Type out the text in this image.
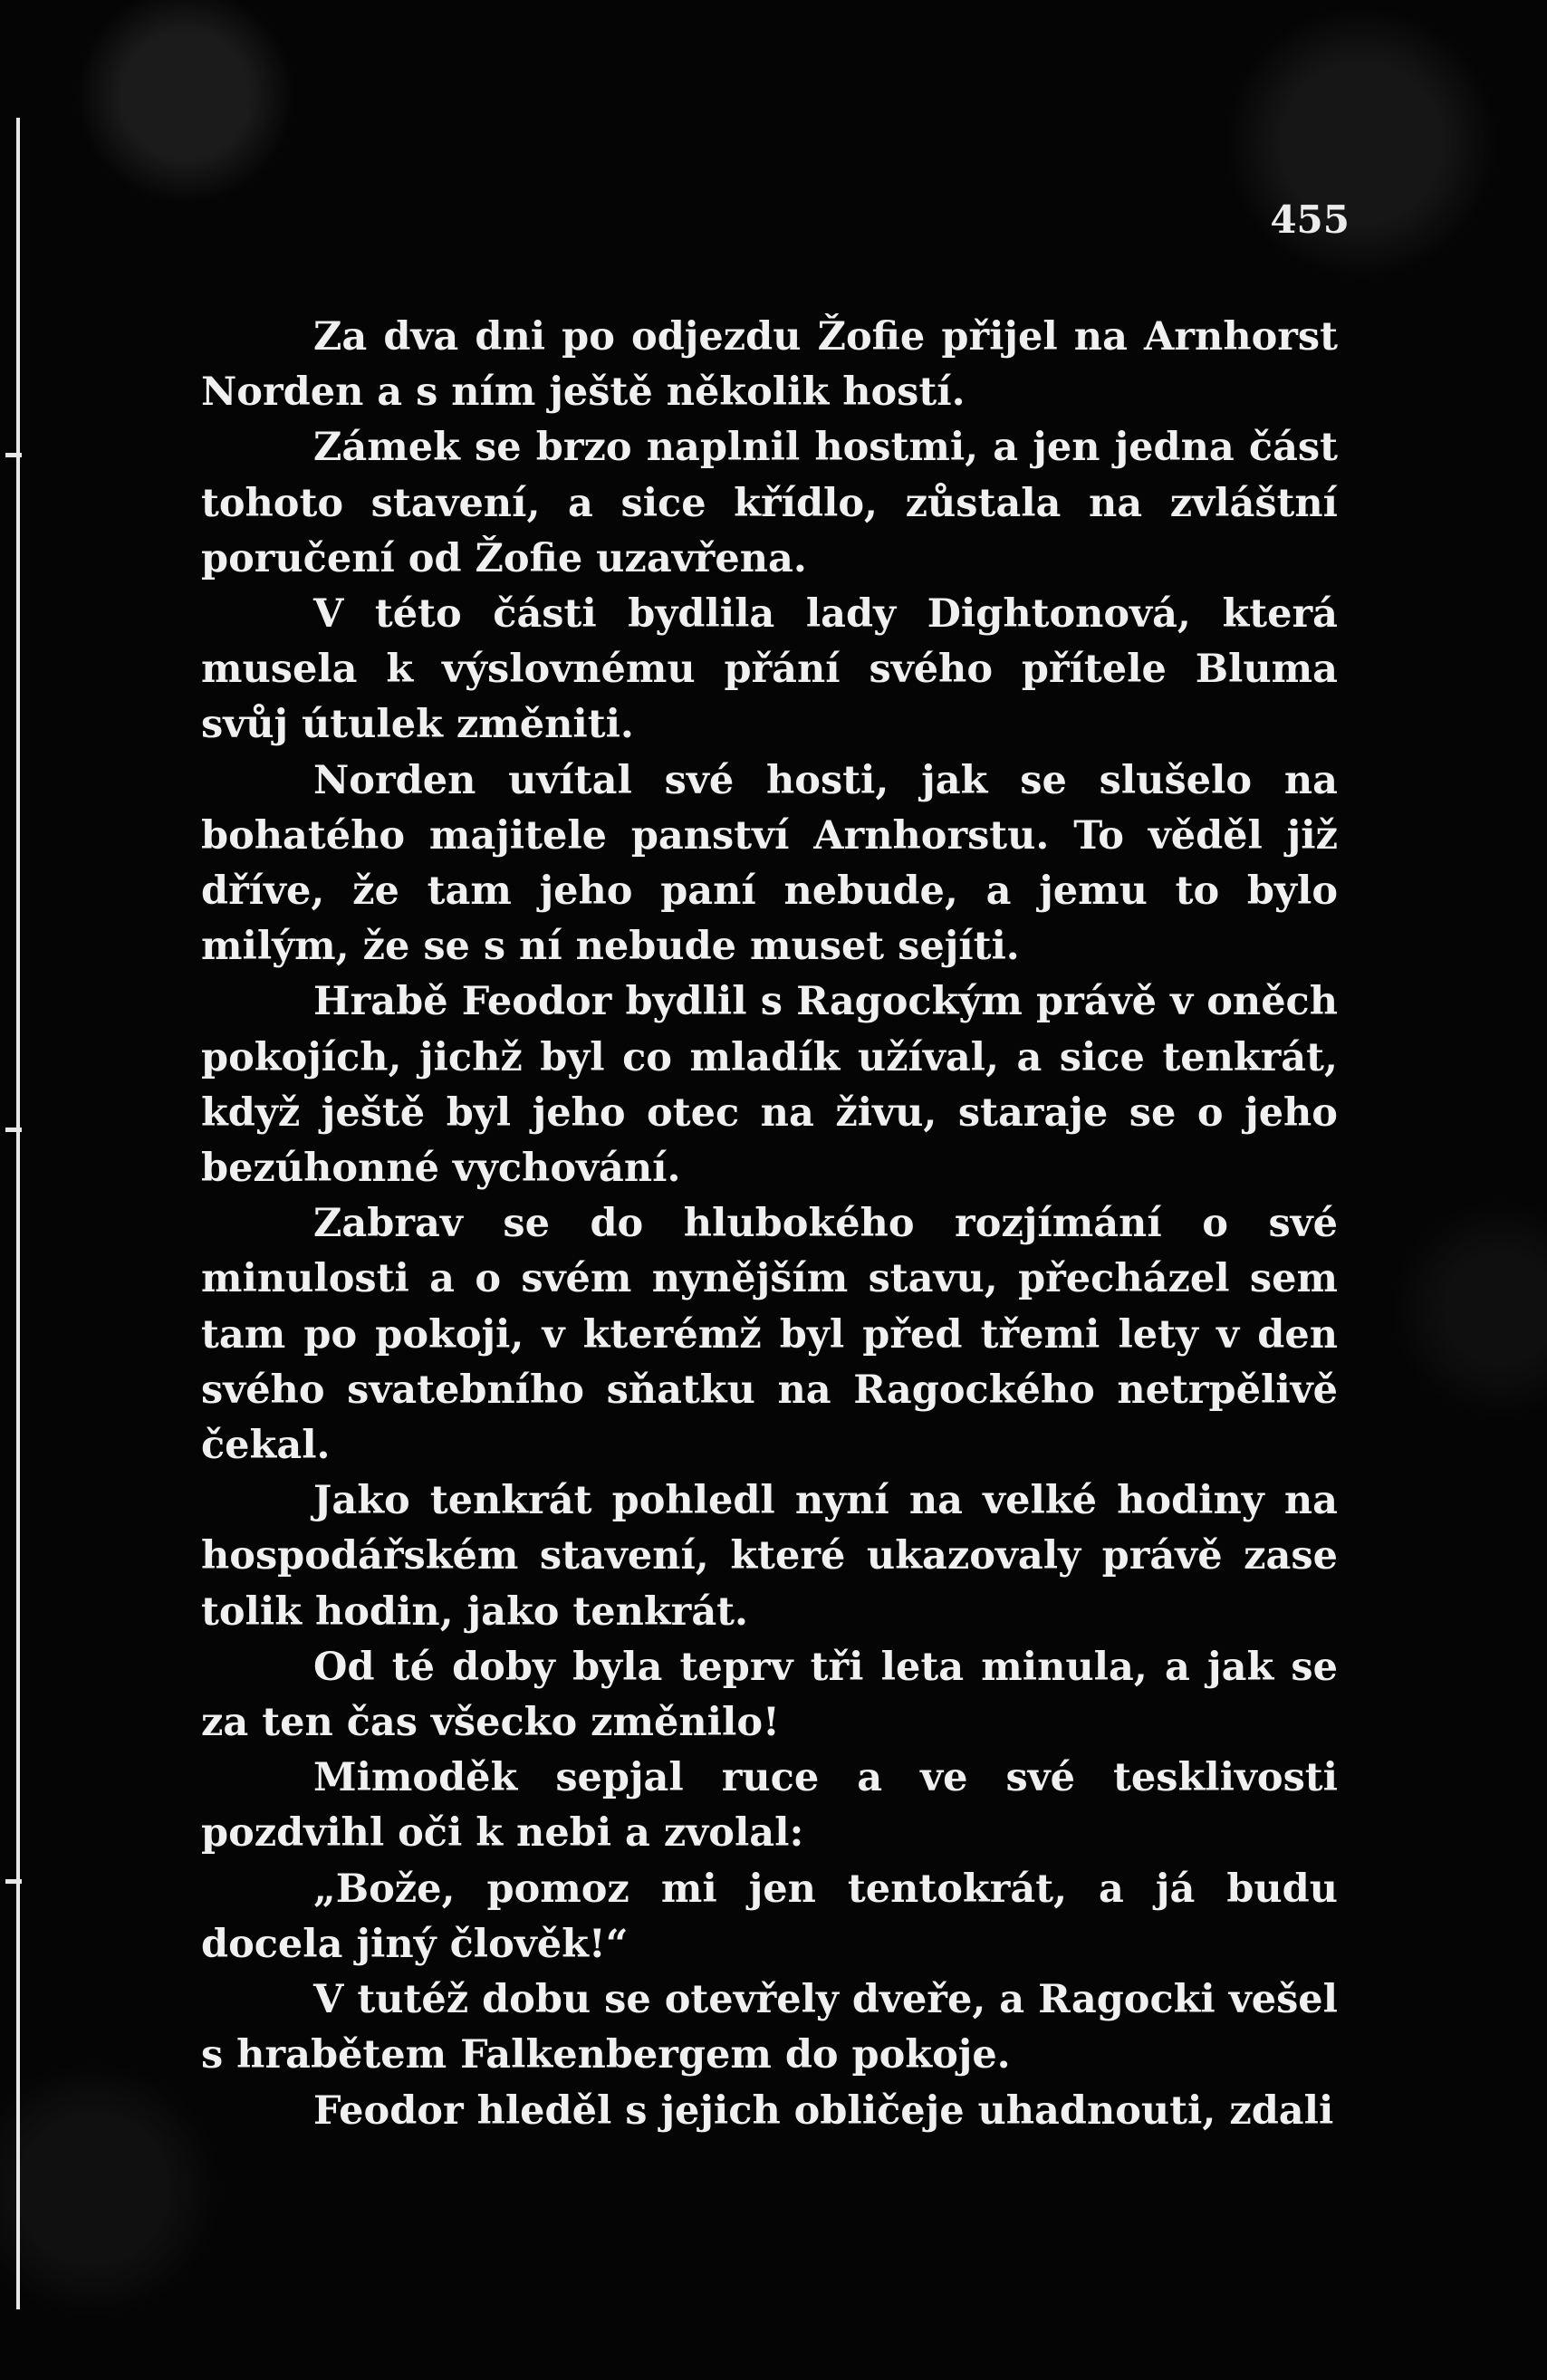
455

Za dva dni po odjezdu Žofie přijel na Arnhorst Norden a s ním ještě několik hostí.

Zámek se brzo naplnil hostmi, a jen jedna část tohoto stavení, a sice křídlo, zůstala na zvláštní poručení od Žofie uzavřena.

V této části bydlila lady Dightonová, která musela k výslovnému přání svého přítele Bluma svůj útulek změniti.

Norden uvítal své hosti, jak se slušelo na bohatého majitele panství Arnhorstu. To věděl již dříve, že tam jeho paní nebude, a jemu to bylo milým, že se s ní nebude muset sejíti.

Hrabě Feodor bydlil s Ragockým právě v oněch pokojích, jichž byl co mladík užíval, a sice tenkrát, když ještě byl jeho otec na živu, staraje se o jeho bezúhonné vychování.

Zabrav se do hlubokého rozjímání o své minulosti a o svém nynějším stavu, přecházel sem tam po pokoji, v kterémž byl před třemi lety v den svého svatebního sňatku na Ragockého netrpělivě čekal.

Jako tenkrát pohledl nyní na velké hodiny na hospodářském stavení, které ukazovaly právě zase tolik hodin, jako tenkrát.

Od té doby byla teprv tři leta minula, a jak se za ten čas všecko změnilo!

Mimoděk sepjal ruce a ve své tesklivosti pozdvihl oči k nebi a zvolal:

„Bože, pomoz mi jen tentokrát, a já budu docela jiný člověk!“

V tutéž dobu se otevřely dveře, a Ragocki vešel s hrabětem Falkenbergem do pokoje.

Feodor hleděl s jejich obličeje uhadnouti, zdali
